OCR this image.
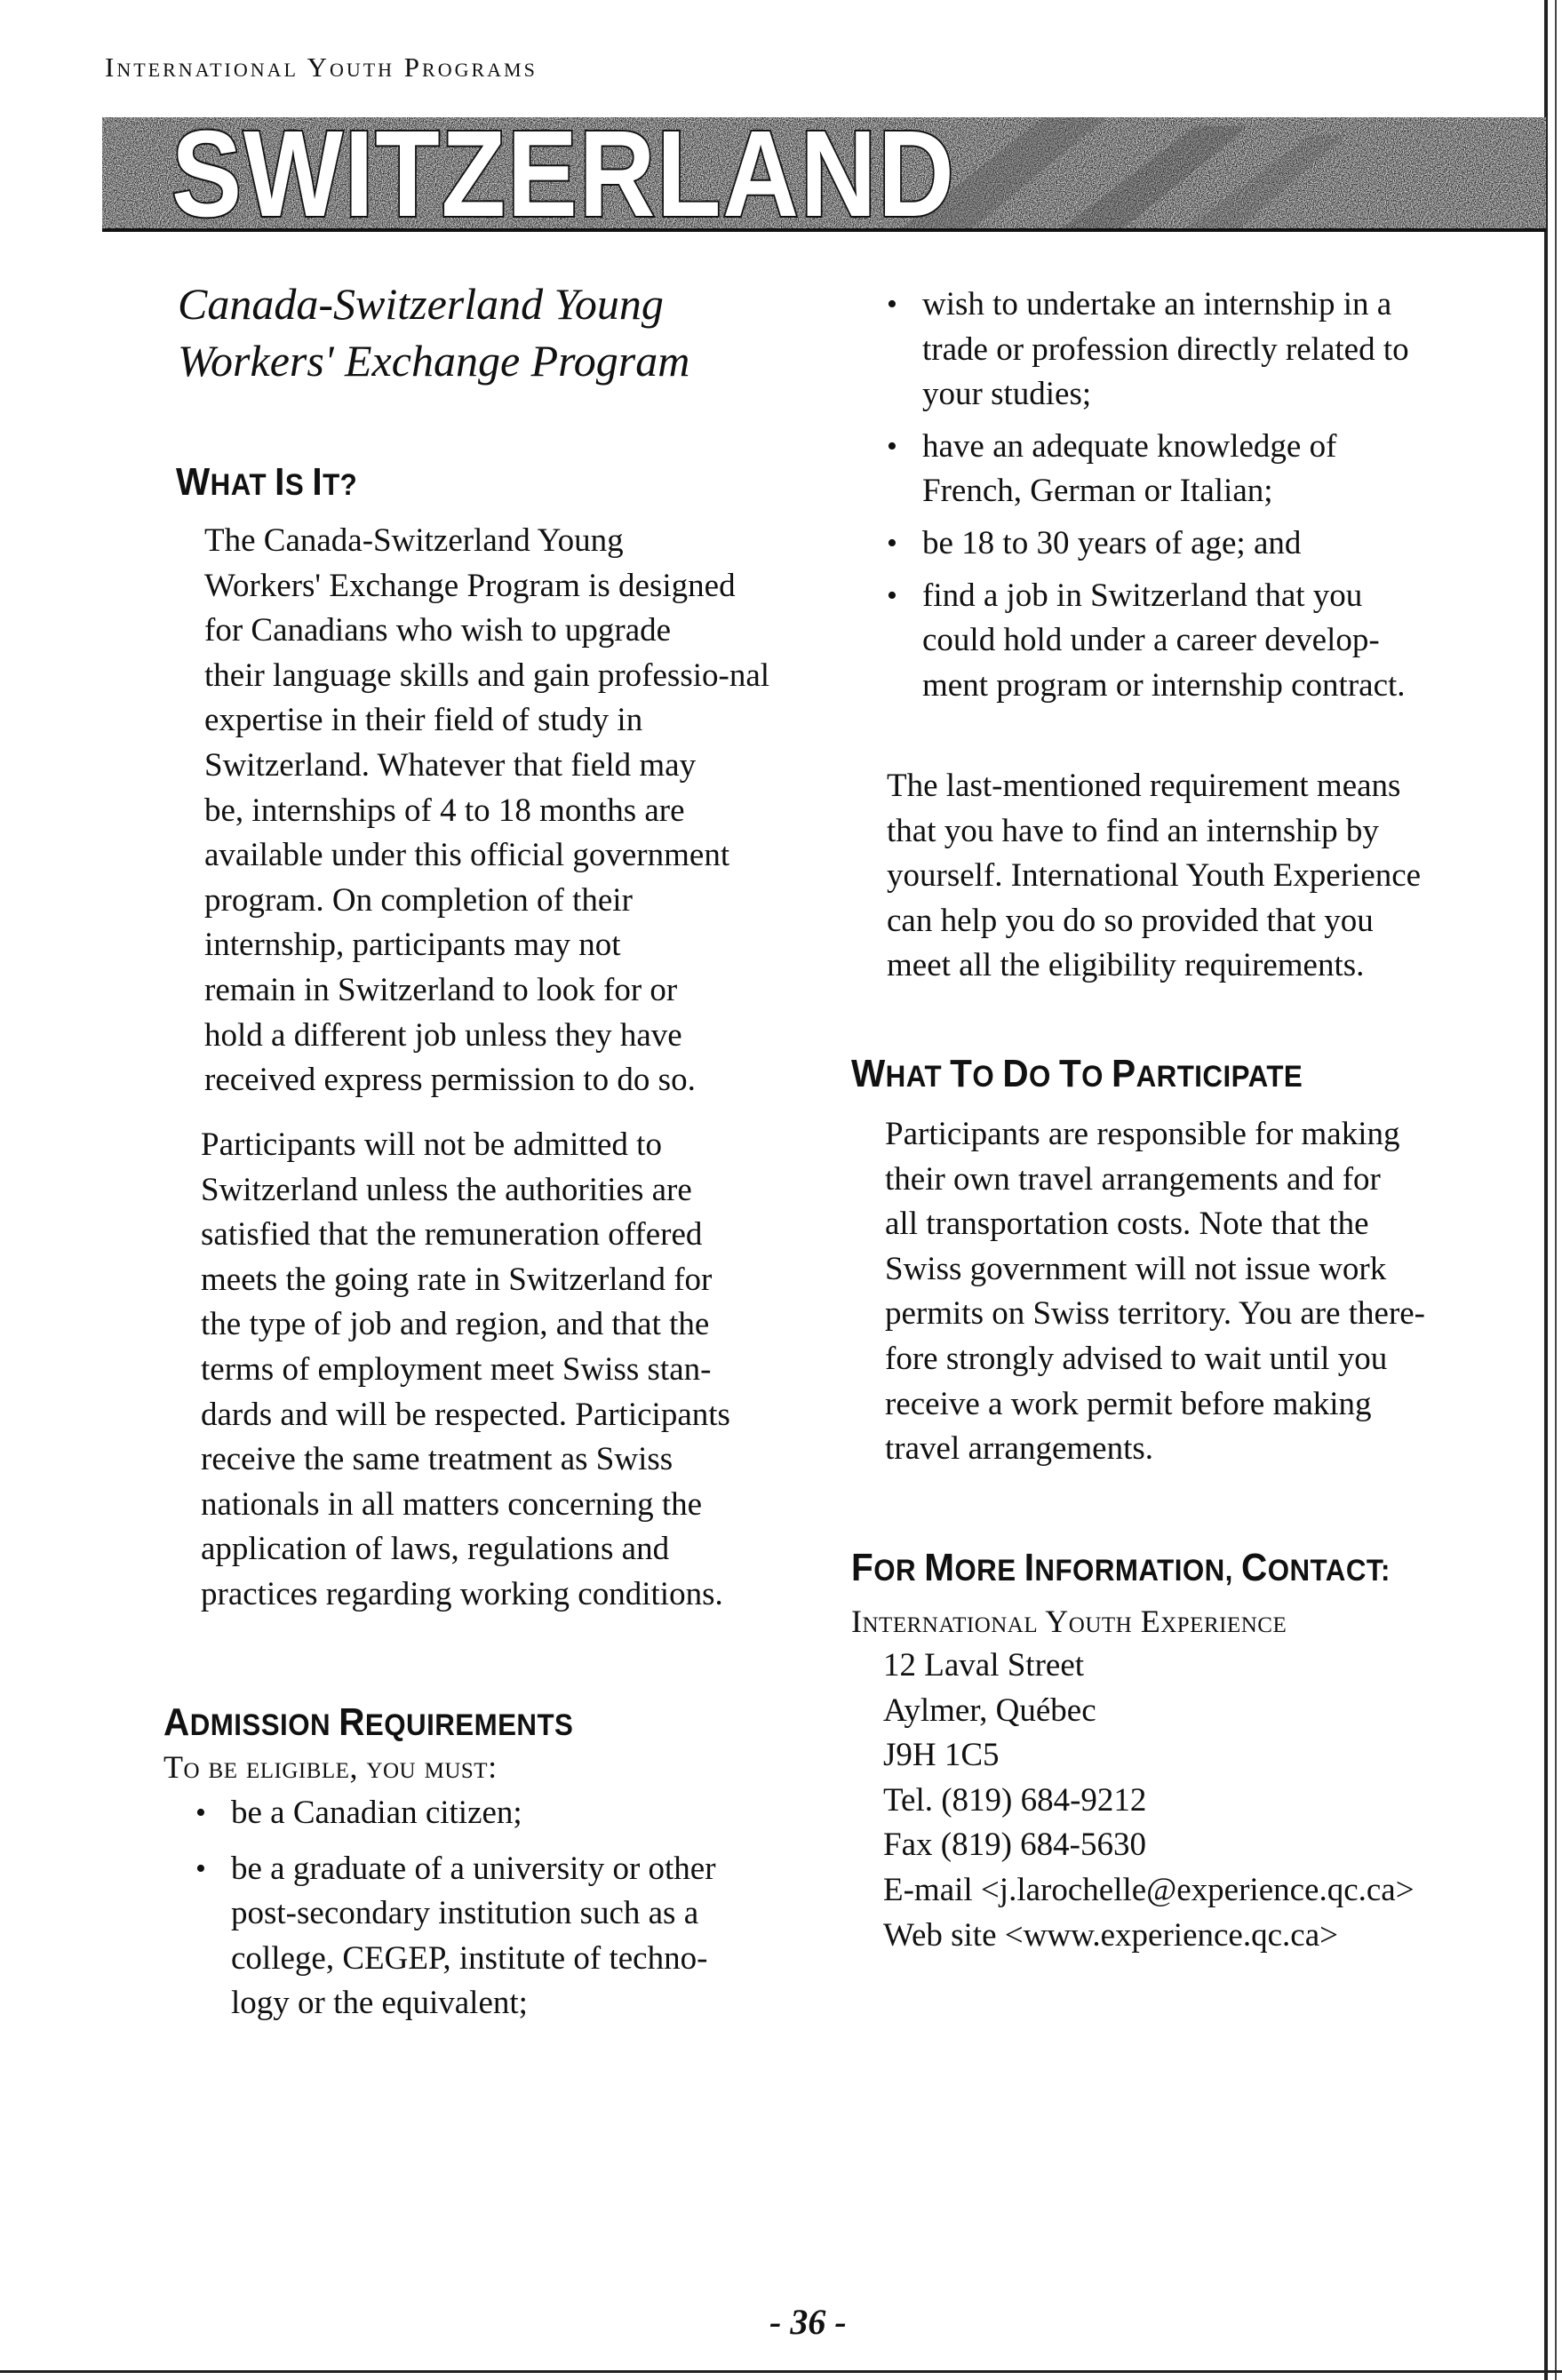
International Youth Programs
SWITZERLAND
Canada-Switzerland Young
Workers' Exchange Program
WHAT IS IT?
The Canada-Switzerland Young
Workers' Exchange Program is designed
for Canadians who wish to upgrade
their language skills and gain professio-nal
expertise in their field of study in
Switzerland. Whatever that field may
be, internships of 4 to 18 months are
available under this official government
program. On completion of their
internship, participants may not
remain in Switzerland to look for or
hold a different job unless they have
received express permission to do so.
Participants will not be admitted to
Switzerland unless the authorities are
satisfied that the remuneration offered
meets the going rate in Switzerland for
the type of job and region, and that the
terms of employment meet Swiss stan-
dards and will be respected. Participants
receive the same treatment as Swiss
nationals in all matters concerning the
application of laws, regulations and
practices regarding working conditions.
ADMISSION REQUIREMENTS
To be eligible, you must:
• be a Canadian citizen;
• be a graduate of a university or other
post-secondary institution such as a
college, CEGEP, institute of techno-
logy or the equivalent;
• wish to undertake an internship in a
trade or profession directly related to
your studies;
• have an adequate knowledge of
French, German or Italian;
• be 18 to 30 years of age; and
• find a job in Switzerland that you
could hold under a career develop-
ment program or internship contract.
The last-mentioned requirement means
that you have to find an internship by
yourself. International Youth Experience
can help you do so provided that you
meet all the eligibility requirements.
WHAT TO DO TO PARTICIPATE
Participants are responsible for making
their own travel arrangements and for
all transportation costs. Note that the
Swiss government will not issue work
permits on Swiss territory. You are there-
fore strongly advised to wait until you
receive a work permit before making
travel arrangements.
FOR MORE INFORMATION, CONTACT:
International Youth Experience
12 Laval Street
Aylmer, Québec
J9H 1C5
Tel. (819) 684-9212
Fax (819) 684-5630
E-mail <j.larochelle@experience.qc.ca>
Web site <www.experience.qc.ca>
- 36 -
